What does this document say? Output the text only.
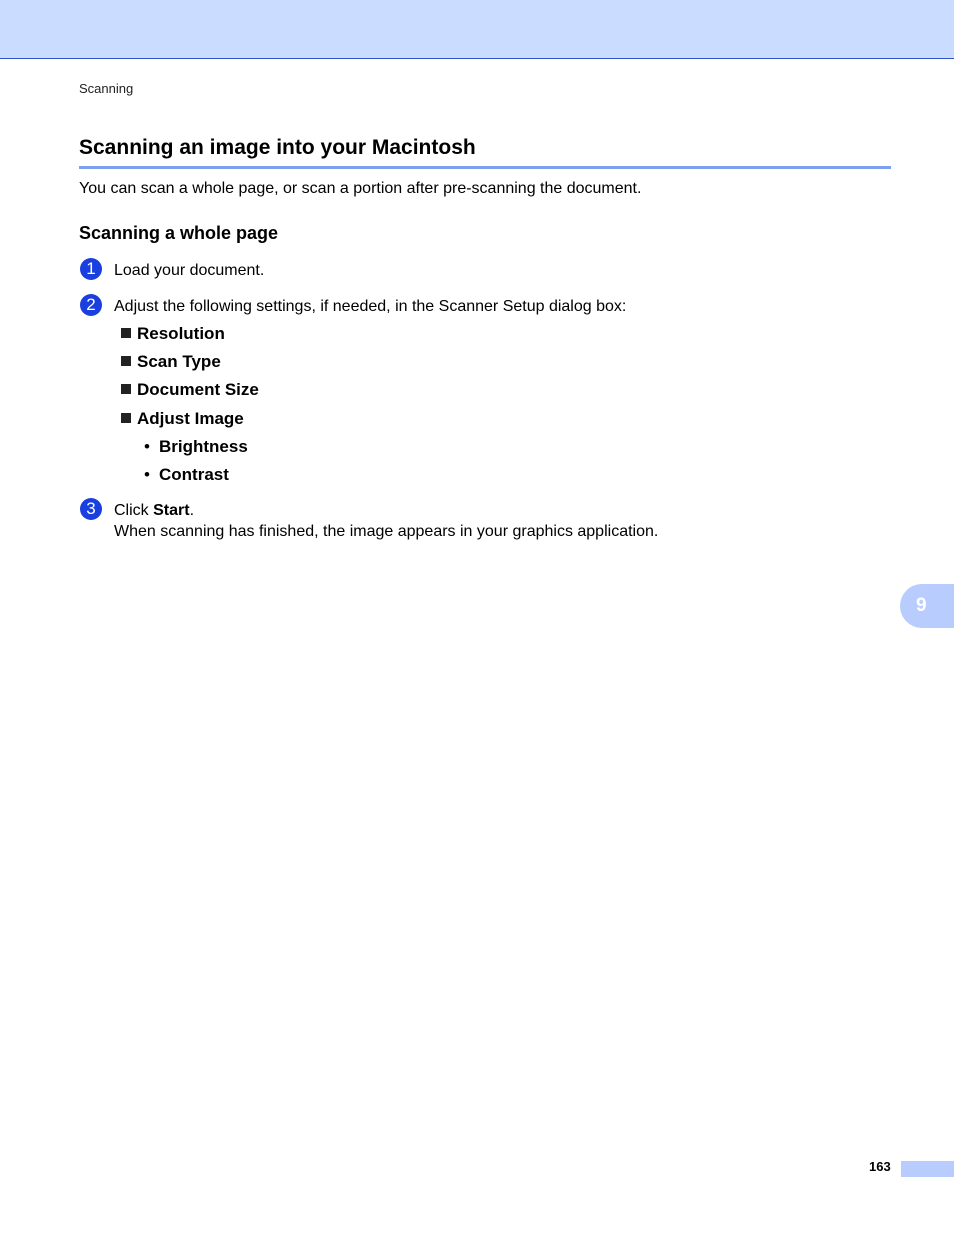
Scanning
Scanning an image into your Macintosh
You can scan a whole page, or scan a portion after pre-scanning the document.
Scanning a whole page
1	Load your document.
2	Adjust the following settings, if needed, in the Scanner Setup dialog box:
Resolution
Scan Type
Document Size
Adjust Image
• Brightness
• Contrast
3	Click Start.
When scanning has finished, the image appears in your graphics application.
9
163
